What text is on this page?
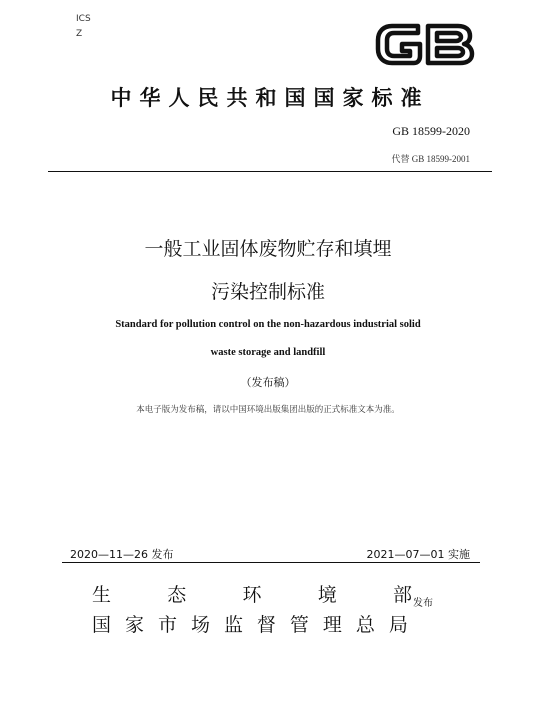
ICS
Z
中华人民共和国国家标准
GB 18599-2020
代替 GB 18599-2001
一般工业固体废物贮存和填埋
污染控制标准
Standard for pollution control on the non-hazardous industrial solid
waste storage and landfill
（发布稿）
本电子版为发布稿，请以中国环境出版集团出版的正式标准文本为准。
2020—11—26 发布	2021—07—01 实施
生	态	环	境	部
国 家 市 场 监 督 管 理 总 局
发布
